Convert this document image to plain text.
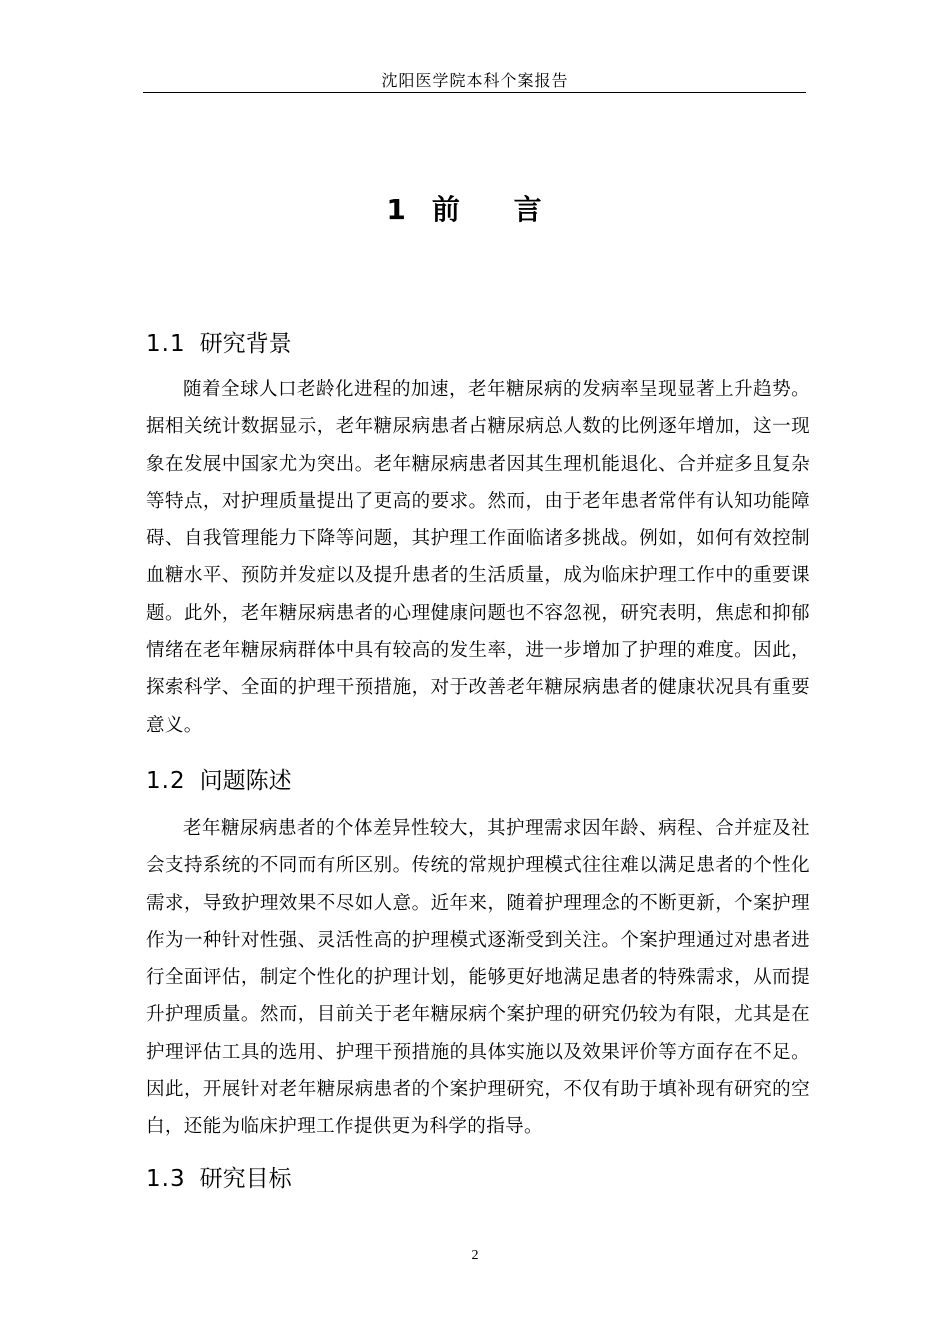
沈阳医学院本科个案报告
1 前 言
1.1 研究背景
随着全球人口老龄化进程的加速，老年糖尿病的发病率呈现显著上升趋势。据相关统计数据显示，老年糖尿病患者占糖尿病总人数的比例逐年增加，这一现象在发展中国家尤为突出。老年糖尿病患者因其生理机能退化、合并症多且复杂等特点，对护理质量提出了更高的要求。然而，由于老年患者常伴有认知功能障碍、自我管理能力下降等问题，其护理工作面临诸多挑战。例如，如何有效控制血糖水平、预防并发症以及提升患者的生活质量，成为临床护理工作中的重要课题。此外，老年糖尿病患者的心理健康问题也不容忽视，研究表明，焦虑和抑郁情绪在老年糖尿病群体中具有较高的发生率，进一步增加了护理的难度。因此，探索科学、全面的护理干预措施，对于改善老年糖尿病患者的健康状况具有重要意义。
1.2 问题陈述
老年糖尿病患者的个体差异性较大，其护理需求因年龄、病程、合并症及社会支持系统的不同而有所区别。传统的常规护理模式往往难以满足患者的个性化需求，导致护理效果不尽如人意。近年来，随着护理理念的不断更新，个案护理作为一种针对性强、灵活性高的护理模式逐渐受到关注。个案护理通过对患者进行全面评估，制定个性化的护理计划，能够更好地满足患者的特殊需求，从而提升护理质量。然而，目前关于老年糖尿病个案护理的研究仍较为有限，尤其是在护理评估工具的选用、护理干预措施的具体实施以及效果评价等方面存在不足。因此，开展针对老年糖尿病患者的个案护理研究，不仅有助于填补现有研究的空白，还能为临床护理工作提供更为科学的指导。
1.3 研究目标
2
